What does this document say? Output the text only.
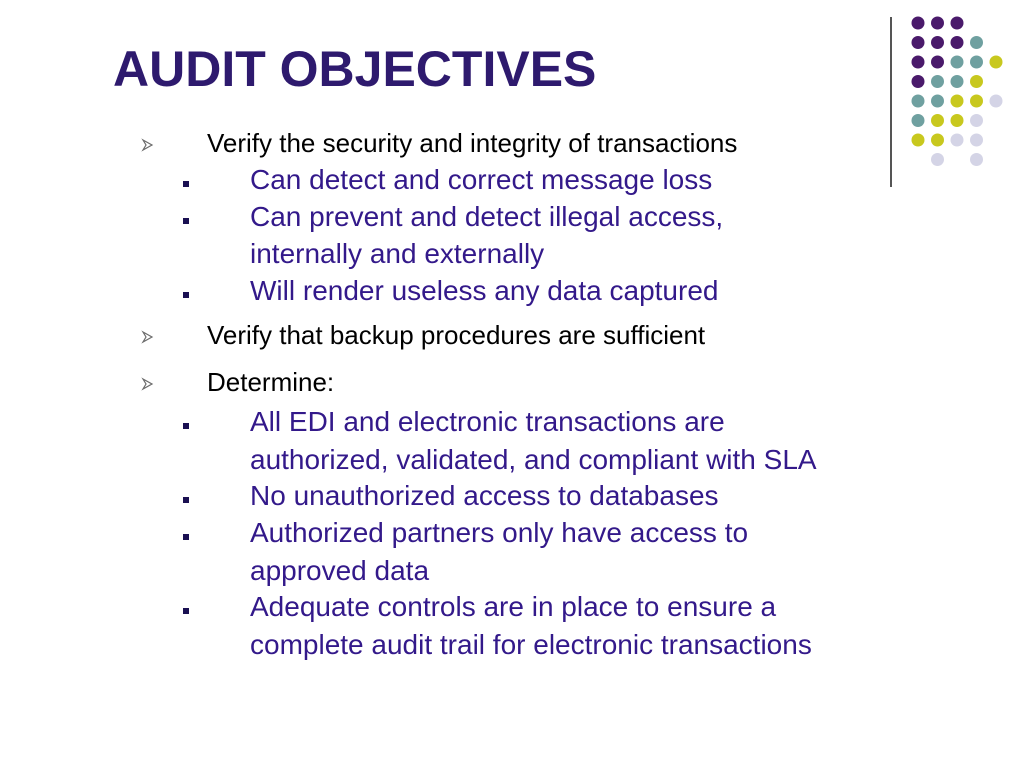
AUDIT OBJECTIVES
Verify the security and integrity of transactions
Can detect and correct message loss
Can prevent and detect illegal access,
internally and externally
Will render useless any data captured
Verify that backup procedures are sufficient
Determine:
All EDI and electronic transactions are
authorized, validated, and compliant with SLA
No unauthorized access to databases
Authorized partners only have access to
approved data
Adequate controls are in place to ensure a
complete audit trail for electronic transactions
